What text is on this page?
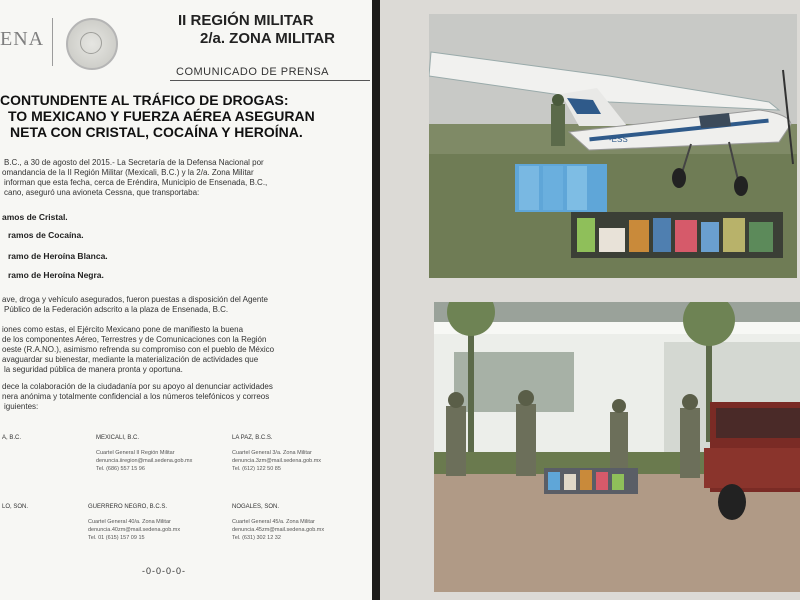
ENA
II REGIÓN MILITAR
2/a. ZONA MILITAR
COMUNICADO DE PRENSA
CONTUNDENTE AL TRÁFICO DE DROGAS:
TO MEXICANO Y FUERZA AÉREA ASEGURAN
NETA CON CRISTAL, COCAÍNA Y HEROÍNA.
B.C., a 30 de agosto del 2015.- La Secretaría de la Defensa Nacional por
omandancia de la II Región Militar (Mexicali, B.C.) y la 2/a. Zona Militar
informan que esta fecha, cerca de Eréndira, Municipio de Ensenada, B.C.,
cano, aseguró una avioneta Cessna, que transportaba:
amos de Cristal.
ramos de Cocaína.
ramo de Heroína Blanca.
ramo de Heroína Negra.
ave, droga y vehículo asegurados, fueron puestas a disposición del Agente
Público de la Federación adscrito a la plaza de Ensenada, B.C.
iones como estas, el Ejército Mexicano pone de manifiesto la buena
de los componentes Aéreo, Terrestres y de Comunicaciones con la Región
oeste (R.A.NO.), asimismo refrenda su compromiso con el pueblo de México
avaguardar su bienestar, mediante la materialización de actividades que
la seguridad pública de manera pronta y oportuna.
dece la colaboración de la ciudadanía por su apoyo al denunciar actividades
nera anónima y totalmente confidencial a los números telefónicos y correos
iguientes:
A, B.C.	MEXICALI, B.C.
Cuartel General II Región Militar
denuncia.iiregion@mail.sedena.gob.mx
Tel. (686) 557 15 96
LA PAZ, B.C.S.
Cuartel General 3/a. Zona Militar
denuncia.3zm@mail.sedena.gob.mx
Tel. (612) 122 50 85
LO, SON.	GUERRERO NEGRO, B.C.S.
Cuartel General 40/a. Zona Militar
denuncia.40zm@mail.sedena.gob.mx
Tel. 01 (615) 157 09 15
NOGALES, SON.
Cuartel General 45/a. Zona Militar
denuncia.45zm@mail.sedena.gob.mx
Tel. (631) 302 12 32
-0-0-0-0-
-ESS
